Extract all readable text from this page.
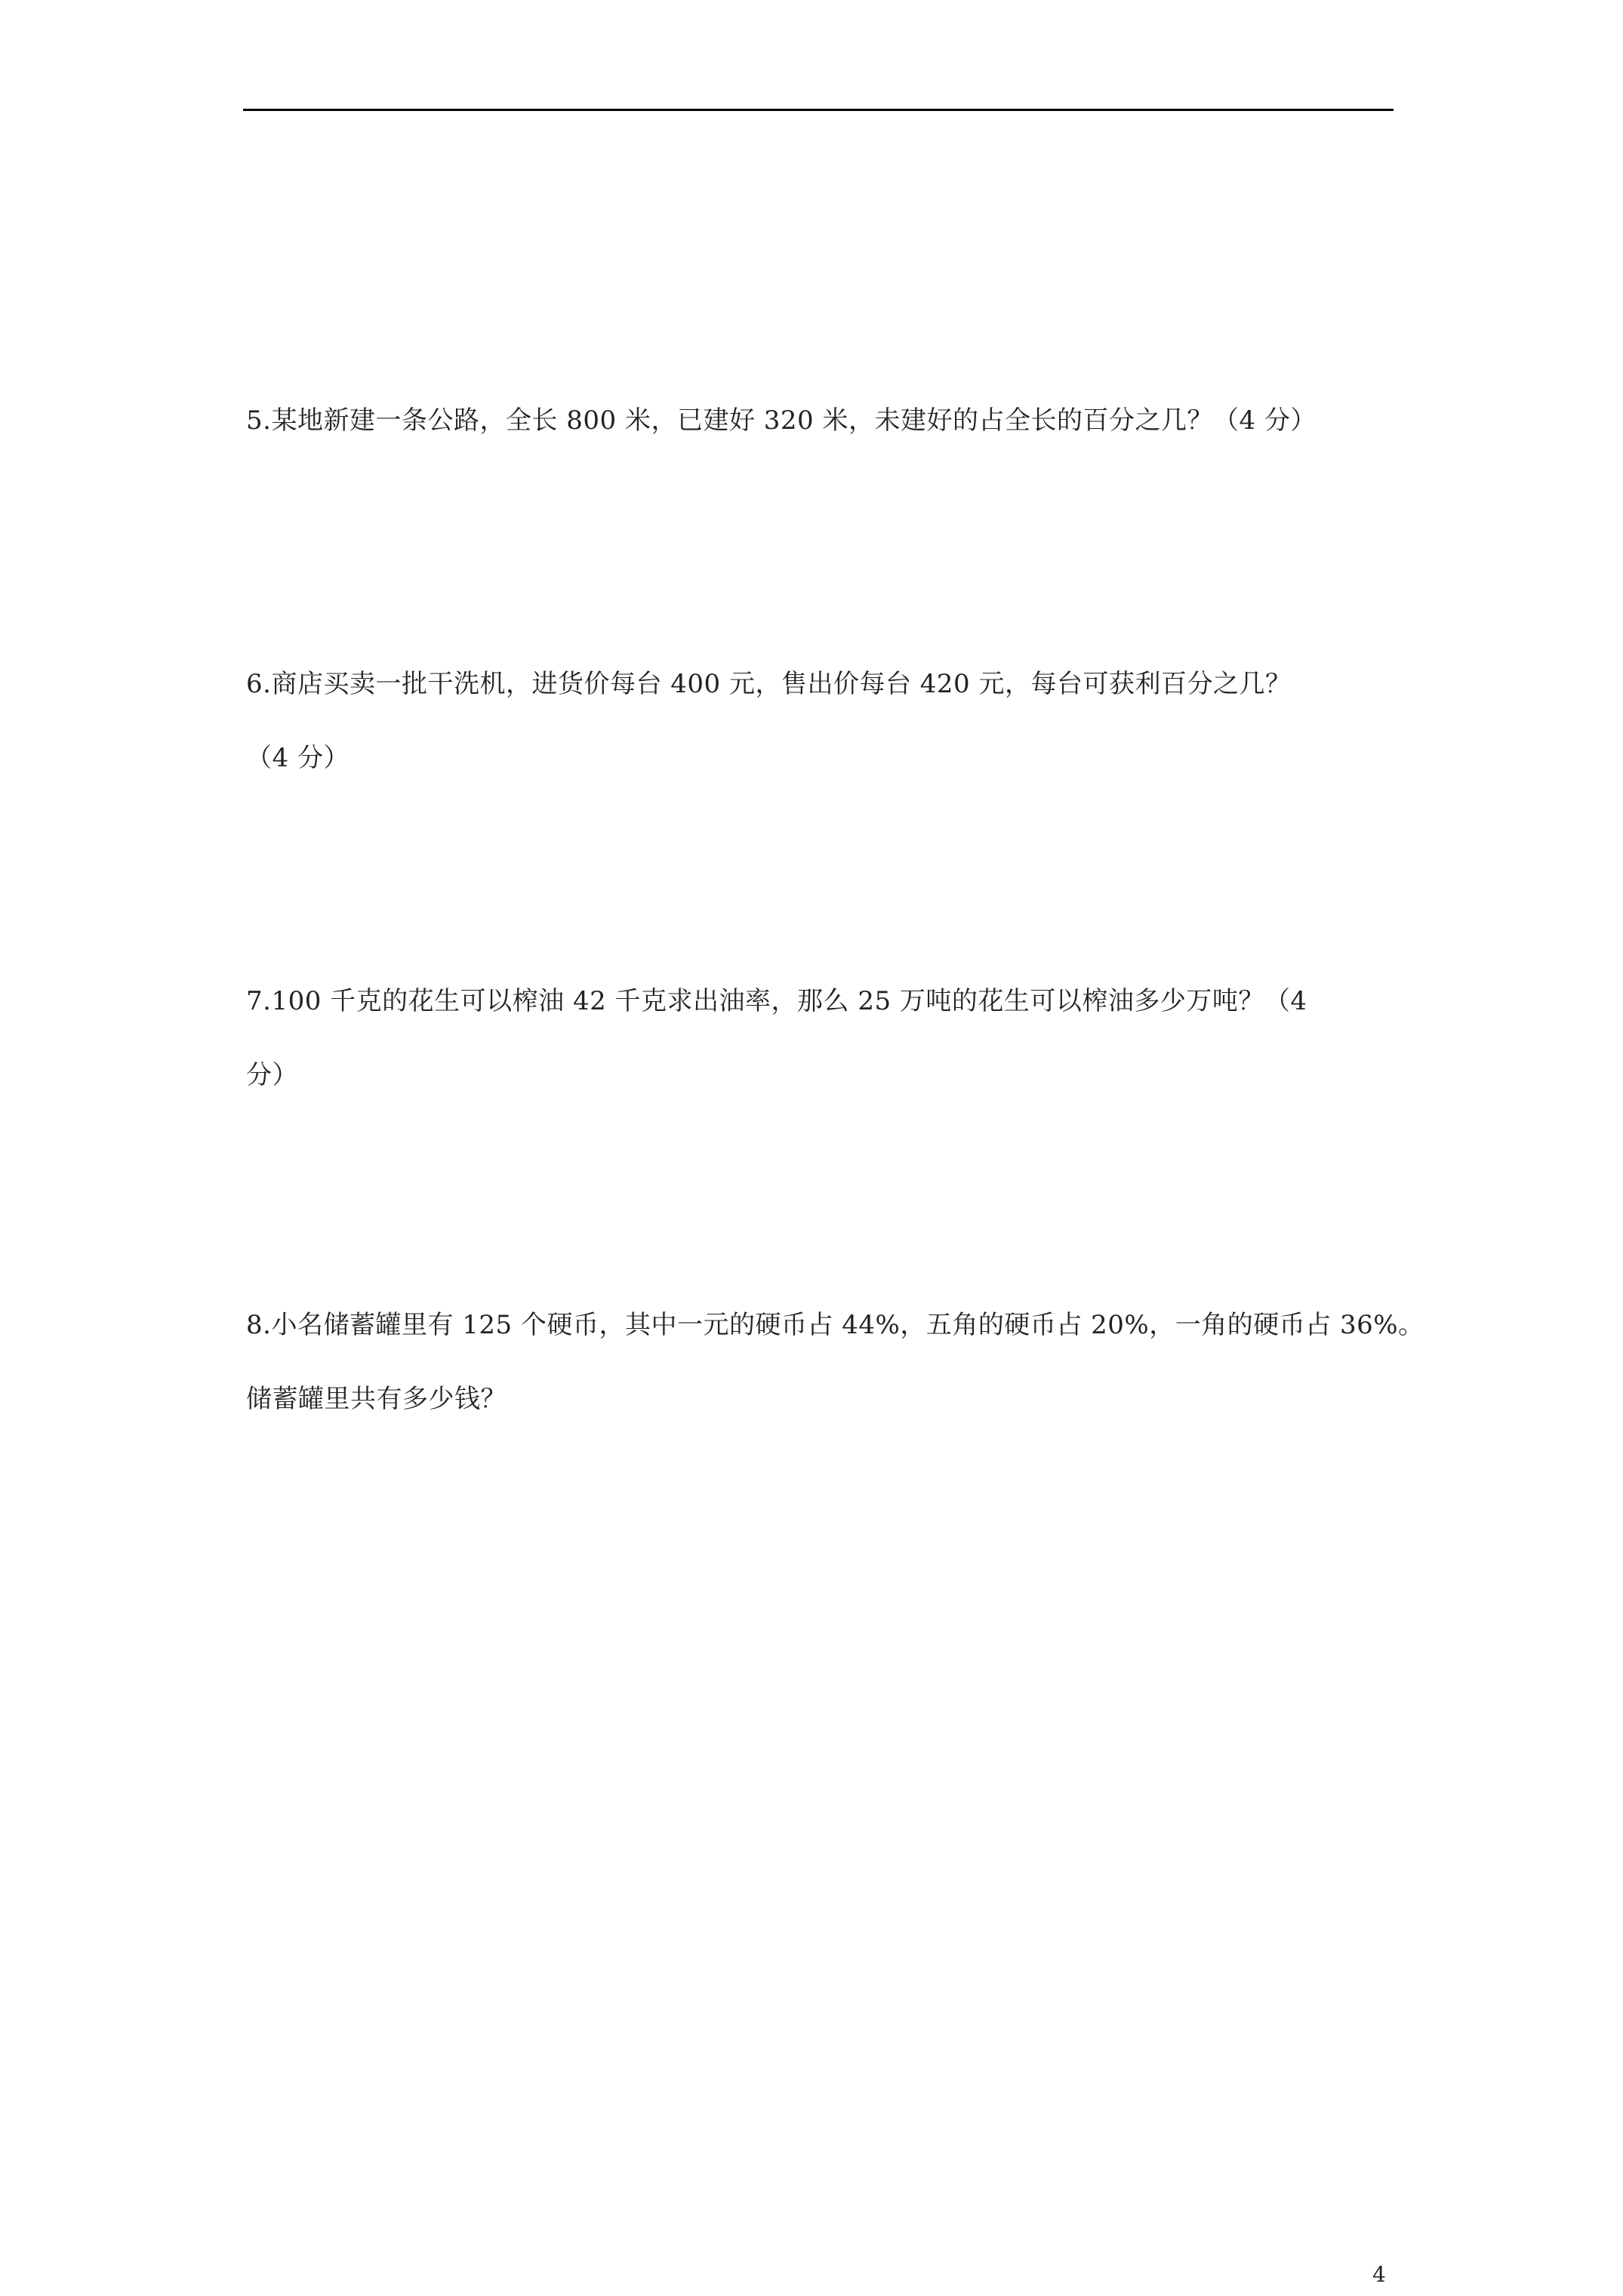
5.某地新建一条公路，全长 800 米，已建好 320 米，未建好的占全长的百分之几？（4 分）
6.商店买卖一批干洗机，进货价每台 400 元，售出价每台 420 元，每台可获利百分之几？
（4 分）
7.100 千克的花生可以榨油 42 千克求出油率，那么 25 万吨的花生可以榨油多少万吨？（4
分）
8.小名储蓄罐里有 125 个硬币，其中一元的硬币占 44%，五角的硬币占 20%，一角的硬币占 36%。
储蓄罐里共有多少钱？
4
